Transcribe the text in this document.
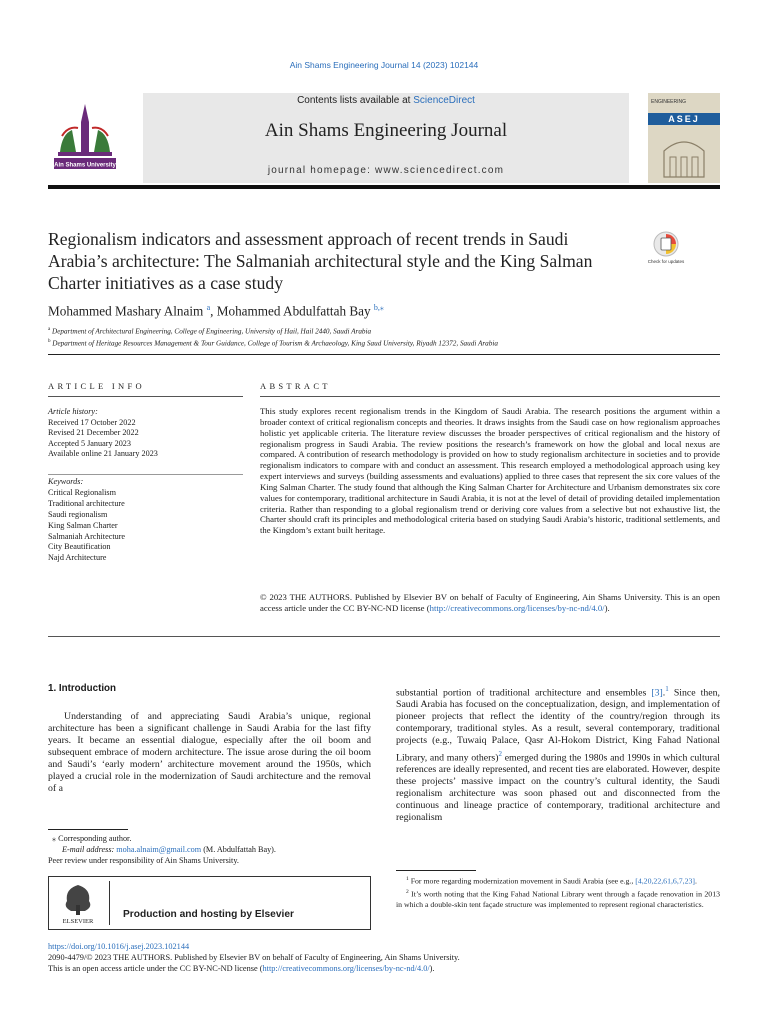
Ain Shams Engineering Journal 14 (2023) 102144
Ain Shams University
Contents lists available at ScienceDirect
Ain Shams Engineering Journal
journal homepage: www.sciencedirect.com
ENGINEERING
ASEJ
Regionalism indicators and assessment approach of recent trends in Saudi Arabia’s architecture: The Salmaniah architectural style and the King Salman Charter initiatives as a case study
Check for updates
Mohammed Mashary Alnaim $^a$, Mohammed Abdulfattah Bay $^{b,⁎}$
$^a$ Department of Architectural Engineering, College of Engineering, University of Hail, Hail 2440, Saudi Arabia
$^b$ Department of Heritage Resources Management & Tour Guidance, College of Tourism & Archaeology, King Saud University, Riyadh 12372, Saudi Arabia
ARTICLE INFO	ABSTRACT
Article history:
Received 17 October 2022
Revised 21 December 2022
Accepted 5 January 2023
Available online 21 January 2023
Keywords:
Critical Regionalism
Traditional architecture
Saudi regionalism
King Salman Charter
Salmaniah Architecture
City Beautification
Najd Architecture
This study explores recent regionalism trends in the Kingdom of Saudi Arabia. The research positions the argument within a broader context of critical regionalism concepts and theories. It draws insights from the Saudi case on how regionalism approaches holistic yet applicable criteria. The literature review discusses the broader perspectives of critical regionalism and the history of regionalism progress in Saudi Arabia. The review positions the research’s framework on how the global and local nexus are compared. A contribution of research methodology is provided on how to study regionalism architecture in societies and to provide regionalism indicators to compare with and conduct an assessment. This research employed a methodological approach using key expert interviews and surveys (building assessments and evaluations) applied to three cases that represent the six core values of the King Salman Charter. The study found that although the King Salman Charter for Architecture and Urbanism demonstrates six core values for contemporary, traditional architecture in Saudi Arabia, it is not at the level of detail of providing detailed implementation criteria. Rather than responding to a global regionalism trend or deriving core values from a selective but not exhaustive list, the Charter should craft its principles and methodological criteria based on studying Saudi Arabia’s historic, traditional settlements, and the Kingdom’s extant built heritage.
© 2023 THE AUTHORS. Published by Elsevier BV on behalf of Faculty of Engineering, Ain Shams University. This is an open access article under the CC BY-NC-ND license (http://creativecommons.org/licenses/by-nc-nd/4.0/).
1. Introduction

Understanding of and appreciating Saudi Arabia’s unique, regional architecture has been a significant challenge in Saudi Arabia for the last fifty years. It became an essential dialogue, especially after the oil boom and subsequent embrace of modern architecture. The issue arose during the oil boom and Saudi’s ‘early modern’ architecture movement around the 1950s, which played a crucial role in the modernization of Saudi architecture and the removal of a

substantial portion of traditional architecture and ensembles [3].$^1$ Since then, Saudi Arabia has focused on the conceptualization, design, and implementation of pioneer projects that reflect the identity of the country/region through its contemporary, traditional styles. As a result, several contemporary, traditional projects (e.g., Tuwaiq Palace, Qasr Al-Hokom District, King Fahad National Library, and many others)$^2$ emerged during the 1980s and 1990s in which cultural references are ideally represented, and recent ties are elaborated. However, despite these projects’ massive impact on the country’s cultural identity, the Saudi regionalism architecture was soon phased out and disconnected from the continuous and lineage practice of contemporary, traditional architecture and regionalism
⁎ Corresponding author.
E-mail address: moha.alnaim@gmail.com (M. Abdulfattah Bay).
Peer review under responsibility of Ain Shams University.
ELSEVIER
Production and hosting by Elsevier
$^1$ For more regarding modernization movement in Saudi Arabia (see e.g., [4,20,22,61,6,7,23].
$^2$ It’s worth noting that the King Fahad National Library went through a façade renovation in 2013 in which a double-skin tent façade structure was implemented to represent regional characteristics.
https://doi.org/10.1016/j.asej.2023.102144
2090-4479/© 2023 THE AUTHORS. Published by Elsevier BV on behalf of Faculty of Engineering, Ain Shams University.
This is an open access article under the CC BY-NC-ND license (http://creativecommons.org/licenses/by-nc-nd/4.0/).
